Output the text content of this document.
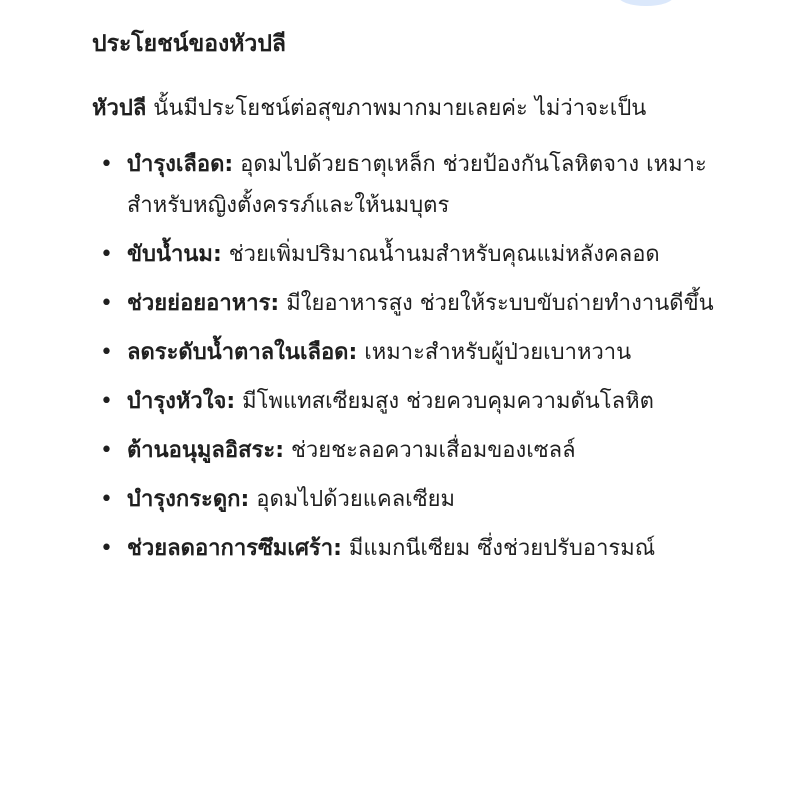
ประโยชน์ของหัวปลี

หัวปลี นั้นมีประโยชน์ต่อสุขภาพมากมายเลยค่ะ ไม่ว่าจะเป็น

• บำรุงเลือด: อุดมไปด้วยธาตุเหล็ก ช่วยป้องกันโลหิตจาง เหมาะสำหรับหญิงตั้งครรภ์และให้นมบุตร
• ขับน้ำนม: ช่วยเพิ่มปริมาณน้ำนมสำหรับคุณแม่หลังคลอด
• ช่วยย่อยอาหาร: มีใยอาหารสูง ช่วยให้ระบบขับถ่ายทำงานดีขึ้น
• ลดระดับน้ำตาลในเลือด: เหมาะสำหรับผู้ป่วยเบาหวาน
• บำรุงหัวใจ: มีโพแทสเซียมสูง ช่วยควบคุมความดันโลหิต
• ต้านอนุมูลอิสระ: ช่วยชะลอความเสื่อมของเซลล์
• บำรุงกระดูก: อุดมไปด้วยแคลเซียม
• ช่วยลดอาการซึมเศร้า: มีแมกนีเซียม ซึ่งช่วยปรับอารมณ์
